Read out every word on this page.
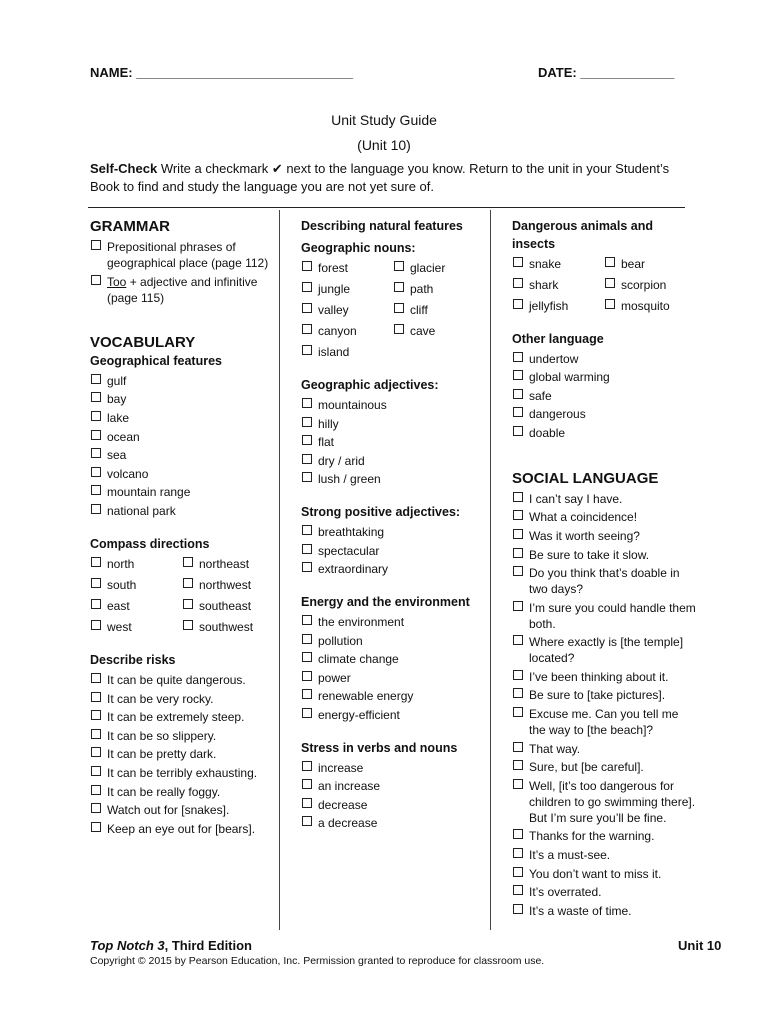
NAME: ______________________________	DATE: _____________
Unit Study Guide
(Unit 10)
Self-Check Write a checkmark ✔ next to the language you know. Return to the unit in your Student’s Book to find and study the language you are not yet sure of.
GRAMMAR
Prepositional phrases of geographical place (page 112)
Too + adjective and infinitive (page 115)
VOCABULARY
Geographical features
gulf
bay
lake
ocean
sea
volcano
mountain range
national park
Compass directions
north	northeast
south	northwest
east	southeast
west	southwest
Describe risks
It can be quite dangerous.
It can be very rocky.
It can be extremely steep.
It can be so slippery.
It can be pretty dark.
It can be terribly exhausting.
It can be really foggy.
Watch out for [snakes].
Keep an eye out for [bears].
Describing natural features
Geographic nouns:
forest	glacier
jungle	path
valley	cliff
canyon	cave
island
Geographic adjectives:
mountainous
hilly
flat
dry / arid
lush / green
Strong positive adjectives:
breathtaking
spectacular
extraordinary
Energy and the environment
the environment
pollution
climate change
power
renewable energy
energy-efficient
Stress in verbs and nouns
increase
an increase
decrease
a decrease
Dangerous animals and insects
snake	bear
shark	scorpion
jellyfish	mosquito
Other language
undertow
global warming
safe
dangerous
doable
SOCIAL LANGUAGE
I can’t say I have.
What a coincidence!
Was it worth seeing?
Be sure to take it slow.
Do you think that’s doable in two days?
I’m sure you could handle them both.
Where exactly is [the temple] located?
I’ve been thinking about it.
Be sure to [take pictures].
Excuse me. Can you tell me the way to [the beach]?
That way.
Sure, but [be careful].
Well, [it’s too dangerous for children to go swimming there]. But I’m sure you’ll be fine.
Thanks for the warning.
It’s a must-see.
You don’t want to miss it.
It’s overrated.
It’s a waste of time.
Top Notch 3, Third Edition	Unit 10
Copyright © 2015 by Pearson Education, Inc. Permission granted to reproduce for classroom use.
